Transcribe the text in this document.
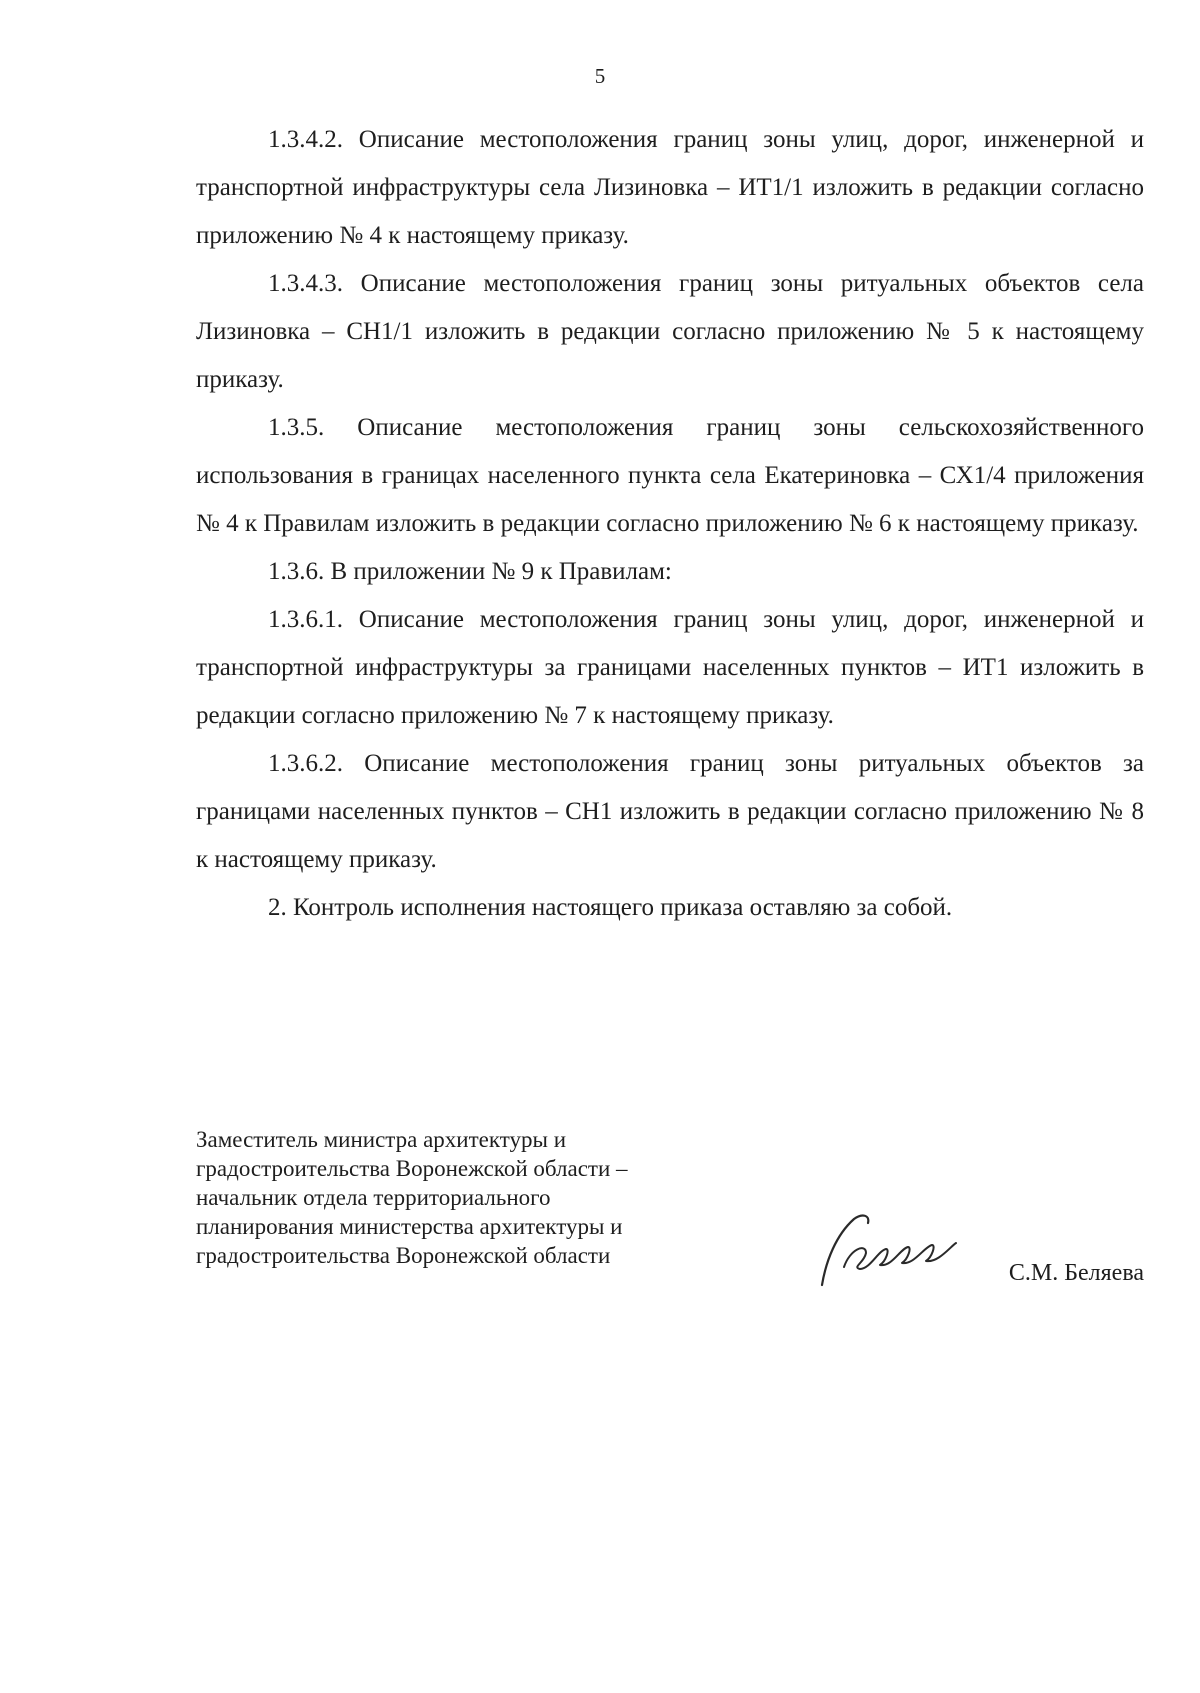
5

1.3.4.2. Описание местоположения границ зоны улиц, дорог, инженерной и транспортной инфраструктуры села Лизиновка – ИТ1/1 изложить в редакции согласно приложению № 4 к настоящему приказу.

1.3.4.3. Описание местоположения границ зоны ритуальных объектов села Лизиновка – СН1/1 изложить в редакции согласно приложению № 5 к настоящему приказу.

1.3.5. Описание местоположения границ зоны сельскохозяйственного использования в границах населенного пункта села Екатериновка – СХ1/4 приложения № 4 к Правилам изложить в редакции согласно приложению № 6 к настоящему приказу.

1.3.6. В приложении № 9 к Правилам:

1.3.6.1. Описание местоположения границ зоны улиц, дорог, инженерной и транспортной инфраструктуры за границами населенных пунктов – ИТ1 изложить в редакции согласно приложению № 7 к настоящему приказу.

1.3.6.2. Описание местоположения границ зоны ритуальных объектов за границами населенных пунктов – СН1 изложить в редакции согласно приложению № 8 к настоящему приказу.

2. Контроль исполнения настоящего приказа оставляю за собой.

Заместитель министра архитектуры и
градостроительства Воронежской области –
начальник отдела территориального
планирования министерства архитектуры и
градостроительства Воронежской области

С.М. Беляева
